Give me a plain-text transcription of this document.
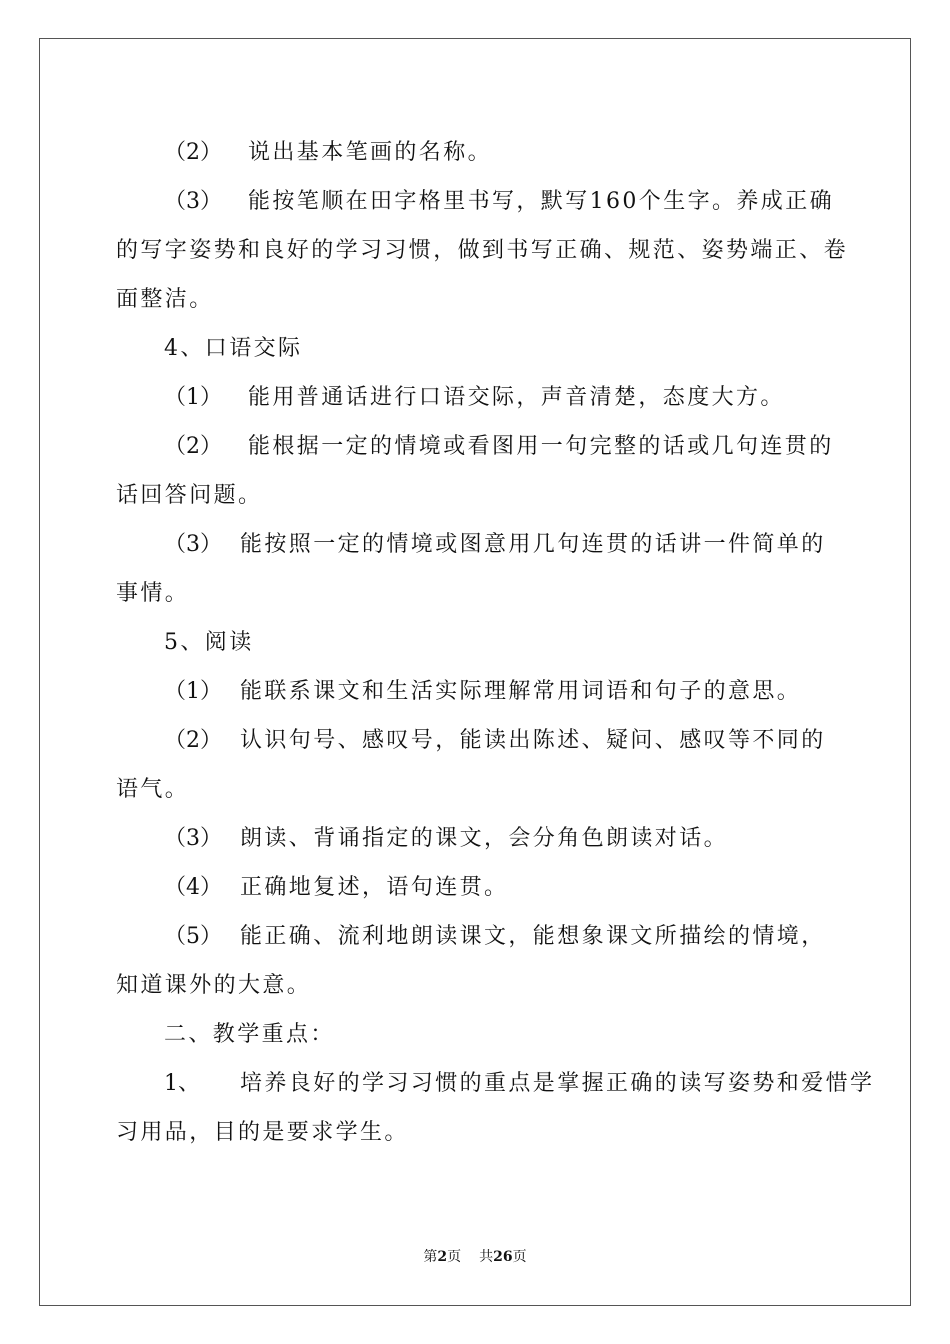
（2） 说出基本笔画的名称。
（3） 能按笔顺在田字格里书写，默写160个生字。养成正确
的写字姿势和良好的学习习惯，做到书写正确、规范、姿势端正、卷
面整洁。
4、口语交际
（1） 能用普通话进行口语交际，声音清楚，态度大方。
（2） 能根据一定的情境或看图用一句完整的话或几句连贯的
话回答问题。
（3） 能按照一定的情境或图意用几句连贯的话讲一件简单的
事情。
5、阅读
（1） 能联系课文和生活实际理解常用词语和句子的意思。
（2） 认识句号、感叹号，能读出陈述、疑问、感叹等不同的
语气。
（3） 朗读、背诵指定的课文，会分角色朗读对话。
（4） 正确地复述，语句连贯。
（5） 能正确、流利地朗读课文，能想象课文所描绘的情境，
知道课外的大意。
二、教学重点：
1、 培养良好的学习习惯的重点是掌握正确的读写姿势和爱惜学
习用品，目的是要求学生。
第2页 共26页
